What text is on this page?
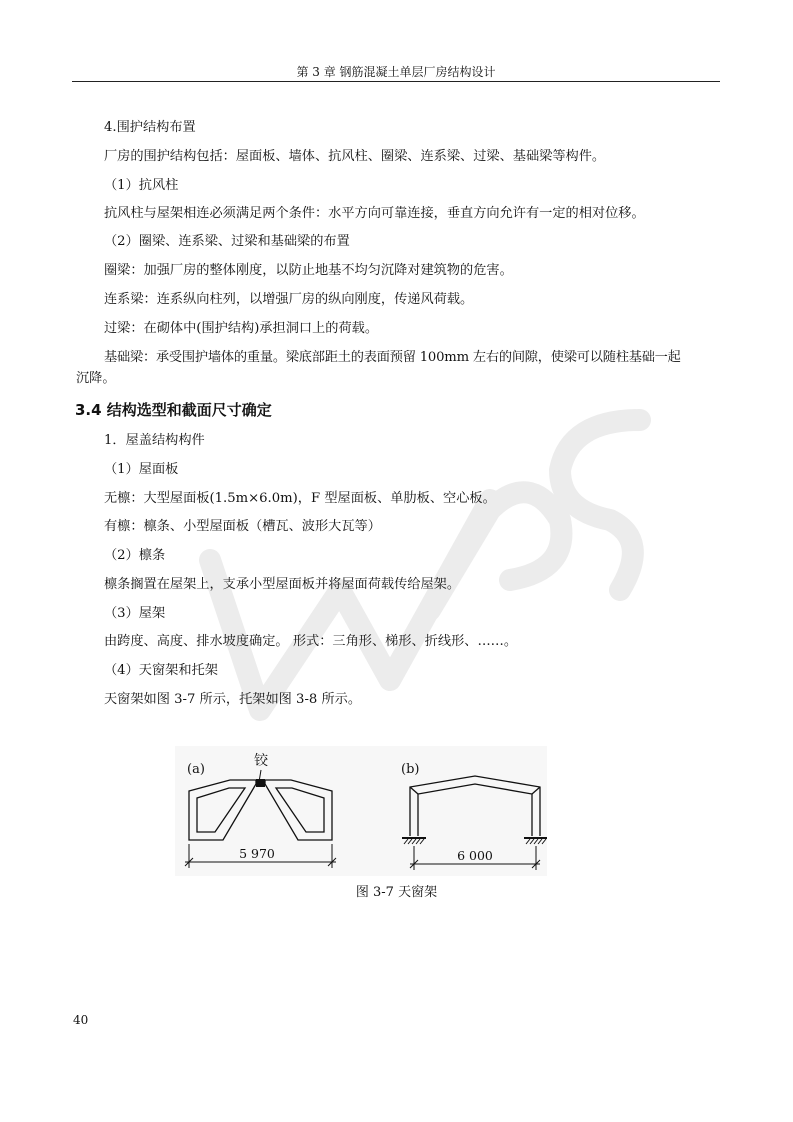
第 3 章 钢筋混凝土单层厂房结构设计
4.围护结构布置
厂房的围护结构包括：屋面板、墙体、抗风柱、圈梁、连系梁、过梁、基础梁等构件。
（1）抗风柱
抗风柱与屋架相连必须满足两个条件：水平方向可靠连接，垂直方向允许有一定的相对位移。
（2）圈梁、连系梁、过梁和基础梁的布置
圈梁：加强厂房的整体刚度，以防止地基不均匀沉降对建筑物的危害。
连系梁：连系纵向柱列，以增强厂房的纵向刚度，传递风荷载。
过梁：在砌体中(围护结构)承担洞口上的荷载。
基础梁：承受围护墙体的重量。梁底部距土的表面预留 100mm 左右的间隙，使梁可以随柱基础一起
沉降。
3.4 结构选型和截面尺寸确定
1．屋盖结构构件
（1）屋面板
无檩：大型屋面板(1.5m×6.0m)，F 型屋面板、单肋板、空心板。
有檩：檩条、小型屋面板（槽瓦、波形大瓦等）
（2）檩条
檩条搁置在屋架上，支承小型屋面板并将屋面荷载传给屋架。
（3）屋架
由跨度、高度、排水坡度确定。 形式：三角形、梯形、折线形、……。
（4）天窗架和托架
天窗架如图 3-7 所示，托架如图 3-8 所示。
(a)
铰
5 970
(b)
6 000
图 3-7 天窗架
40
